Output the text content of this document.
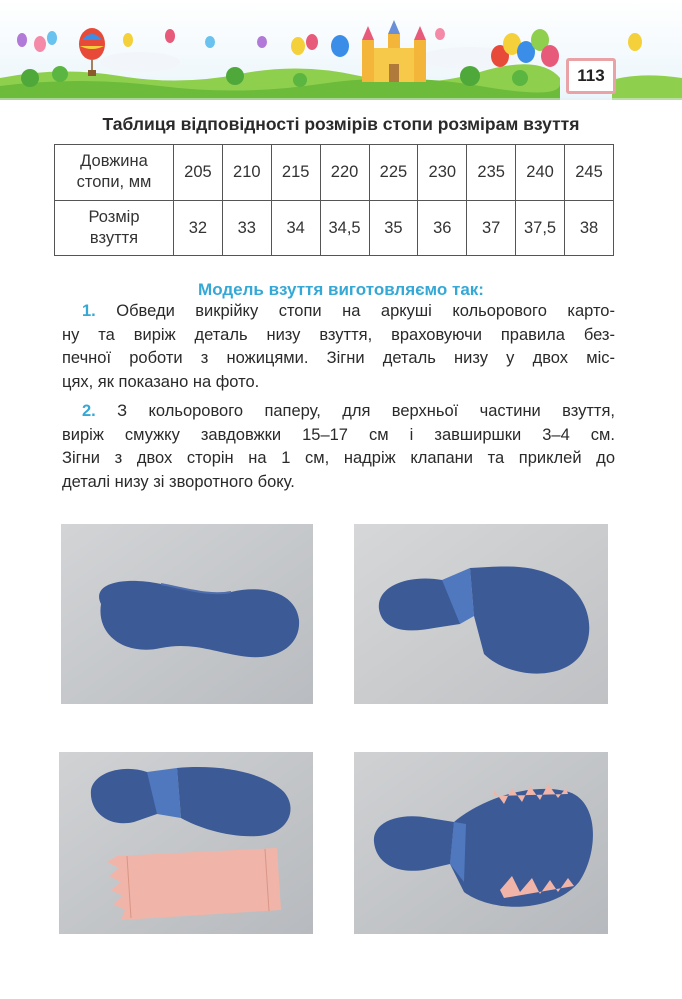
113
Таблиця відповідності розмірів стопи розмірам взуття
Довжина
стопи, мм	205	210	215	220	225	230	235	240	245
Розмір
взуття	32	33	34	34,5	35	36	37	37,5	38
Модель взуття виготовляємо так:
1. Обведи викрійку стопи на аркуші кольорового карто-
ну та виріж деталь низу взуття, враховуючи правила без-
печної роботи з ножицями. Зігни деталь низу у двох міс-
цях, як показано на фото.
2. З кольорового паперу, для верхньої частини взуття,
виріж смужку завдовжки 15–17 см і завширшки 3–4 см.
Зігни з двох сторін на 1 см, надріж клапани та приклей до
деталі низу зі зворотного боку.
